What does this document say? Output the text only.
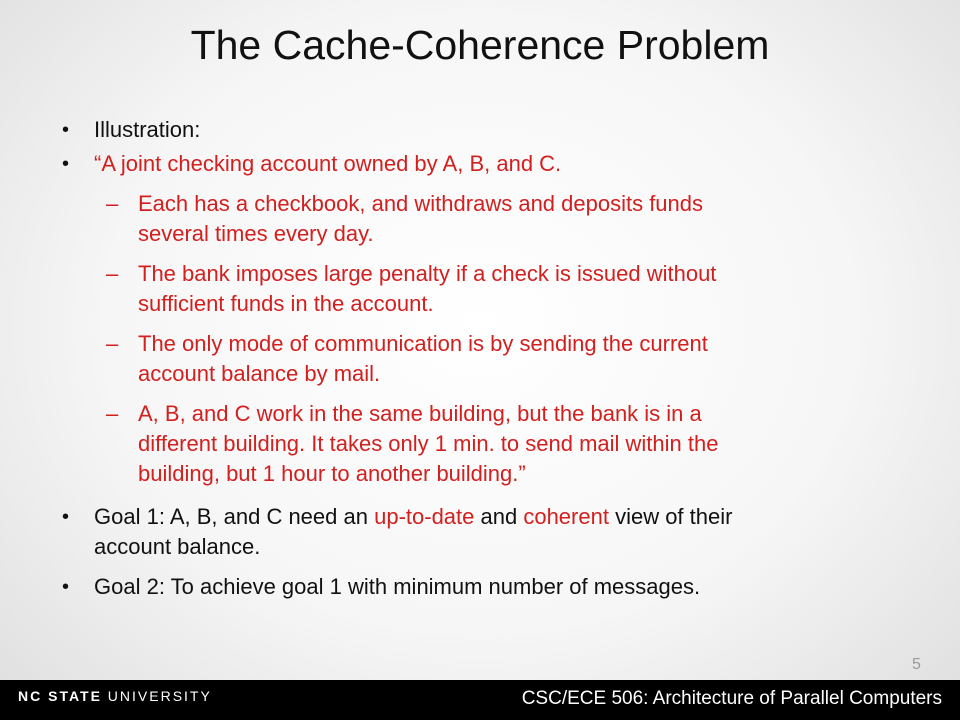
The Cache-Coherence Problem
• Illustration:
• “A joint checking account owned by A, B, and C.
– Each has a checkbook, and withdraws and deposits funds
several times every day.
– The bank imposes large penalty if a check is issued without
sufficient funds in the account.
– The only mode of communication is by sending the current
account balance by mail.
– A, B, and C work in the same building, but the bank is in a
different building. It takes only 1 min. to send mail within the
building, but 1 hour to another building.”
• Goal 1: A, B, and C need an up-to-date and coherent view of their
account balance.
• Goal 2: To achieve goal 1 with minimum number of messages.
5
NC STATE UNIVERSITY	CSC/ECE 506: Architecture of Parallel Computers
